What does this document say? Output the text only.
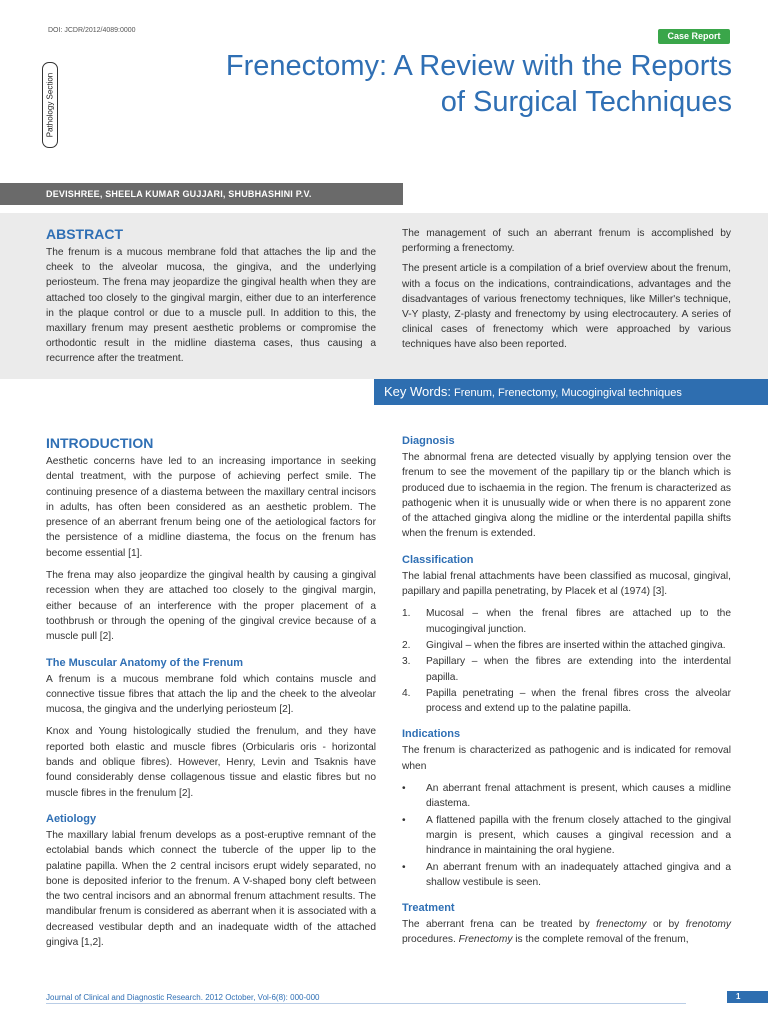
DOI: JCDR/2012/4089:0000
Case Report
Pathology Section
Frenectomy: A Review with the Reports
of Surgical Techniques
DEVISHREE, SHEELA KUMAR GUJJARI, SHUBHASHINI P.V.
ABSTRACT
The frenum is a mucous membrane fold that attaches the lip and the cheek to the alveolar mucosa, the gingiva, and the underlying periosteum. The frena may jeopardize the gingival health when they are attached too closely to the gingival margin, either due to an interference in the plaque control or due to a muscle pull. In addition to this, the maxillary frenum may present aesthetic problems or compromise the orthodontic result in the midline diastema cases, thus causing a recurrence after the treatment.

The management of such an aberrant frenum is accomplished by performing a frenectomy.

The present article is a compilation of a brief overview about the frenum, with a focus on the indications, contraindications, advantages and the disadvantages of various frenectomy techniques, like Miller's technique, V-Y plasty, Z-plasty and frenectomy by using electrocautery. A series of clinical cases of frenectomy which were approached by various techniques have also been reported.

Key Words: Frenum, Frenectomy, Mucogingival techniques
INTRODUCTION

Aesthetic concerns have led to an increasing importance in seeking dental treatment, with the purpose of achieving perfect smile. The continuing presence of a diastema between the maxillary central incisors in adults, has often been considered as an aesthetic problem. The presence of an aberrant frenum being one of the aetiological factors for the persistence of a midline diastema, the focus on the frenum has become essential [1].

The frena may also jeopardize the gingival health by causing a gingival recession when they are attached too closely to the gingival margin, either because of an interference with the proper placement of a toothbrush or through the opening of the gingival crevice because of a muscle pull [2].

The Muscular Anatomy of the Frenum

A frenum is a mucous membrane fold which contains muscle and connective tissue fibres that attach the lip and the cheek to the alveolar mucosa, the gingiva and the underlying periosteum [2].

Knox and Young histologically studied the frenulum, and they have reported both elastic and muscle fibres (Orbicularis oris - horizontal bands and oblique fibres). However, Henry, Levin and Tsaknis have found considerably dense collagenous tissue and elastic fibres but no muscle fibres in the frenulum [2].

Aetiology

The maxillary labial frenum develops as a post-eruptive remnant of the ectolabial bands which connect the tubercle of the upper lip to the palatine papilla. When the 2 central incisors erupt widely separated, no bone is deposited inferior to the frenum. A V-shaped bony cleft between the two central incisors and an abnormal frenum attachment results. The mandibular frenum is considered as aberrant when it is associated with a decreased vestibular depth and an inadequate width of the attached gingiva [1,2].

Diagnosis

The abnormal frena are detected visually by applying tension over the frenum to see the movement of the papillary tip or the blanch which is produced due to ischaemia in the region. The frenum is characterized as pathogenic when it is unusually wide or when there is no apparent zone of the attached gingiva along the midline or the interdental papilla shifts when the frenum is extended.

Classification

The labial frenal attachments have been classified as mucosal, gingival, papillary and papilla penetrating, by Placek et al (1974) [3].

1. Mucosal – when the frenal fibres are attached up to the mucogingival junction.
2. Gingival – when the fibres are inserted within the attached gingiva.
3. Papillary – when the fibres are extending into the interdental papilla.
4. Papilla penetrating – when the frenal fibres cross the alveolar process and extend up to the palatine papilla.
Indications

The frenum is characterized as pathogenic and is indicated for removal when

• An aberrant frenal attachment is present, which causes a midline diastema.
• A flattened papilla with the frenum closely attached to the gingival margin is present, which causes a gingival recession and a hindrance in maintaining the oral hygiene.
• An aberrant frenum with an inadequately attached gingiva and a shallow vestibule is seen.
Treatment

The aberrant frena can be treated by frenectomy or by frenotomy procedures. Frenectomy is the complete removal of the frenum,

Journal of Clinical and Diagnostic Research. 2012 October, Vol-6(8): 000-000	1
